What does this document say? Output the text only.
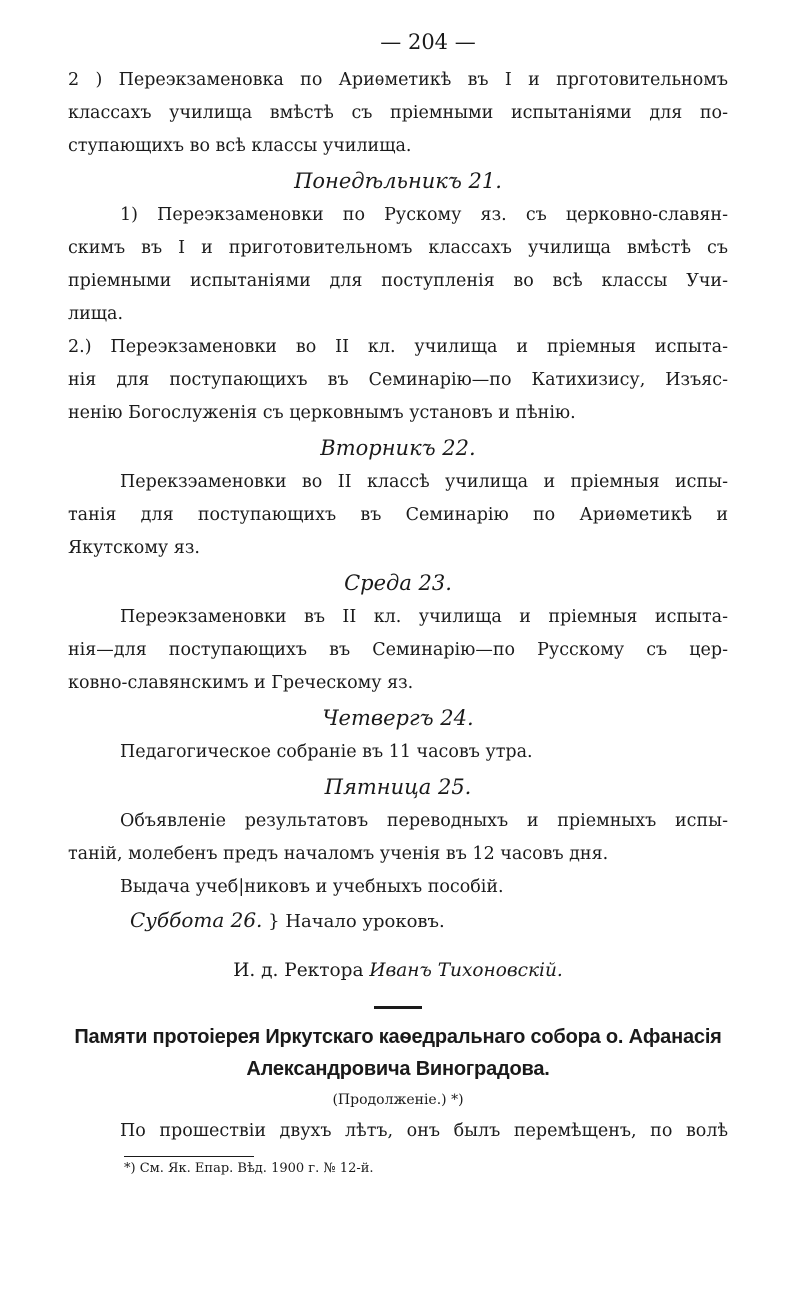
— 204 —
2 ) Переэкзаменовка по Ариѳметикѣ въ I и прготовительномъ
классахъ училища вмѣстѣ съ пріемными испытаніями для по-
ступающихъ во всѣ классы училища.
Понедѣльникъ 21.
1) Переэкзаменовки по Рускому яз. съ церковно-славян-
скимъ въ I и приготовительномъ классахъ училища вмѣстѣ съ
пріемными испытаніями для поступленія во всѣ классы Учи-
лища.
2.) Переэкзаменовки во II кл. училища и пріемныя испыта-
нія для поступающихъ въ Семинарію—по Катихизису, Изъяс-
ненію Богослуженія съ церковнымъ установъ и пѣнію.
Вторникъ 22.
Перекзэаменовки во II классѣ училища и пріемныя испы-
танія для поступающихъ въ Семинарію по Ариѳметикѣ и
Якутскому яз.
Среда 23.
Переэкзаменовки въ II кл. училища и пріемныя испыта-
нія—для поступающихъ въ Семинарію—по Русскому съ цер-
ковно-славянскимъ и Греческому яз.
Четвергъ 24.
Педагогическое собраніе въ 11 часовъ утра.
Пятница 25.
Объявленіе результатовъ переводныхъ и пріемныхъ испы-
таній, молебенъ предъ началомъ ученія въ 12 часовъ дня.
Выдача учеб|никовъ и учебныхъ пособій.
Суббота 26. } Начало уроковъ.
И. д. Ректора Иванъ Тихоновскій.
Памяти протоіерея Иркутскаго каѳедральнаго собора о. Афанасія
Александровича Виноградова.
(Продолженіе.) *)
По прошествіи двухъ лѣтъ, онъ былъ перемѣщенъ, по волѣ
*) См. Як. Епар. Вѣд. 1900 г. № 12-й.
